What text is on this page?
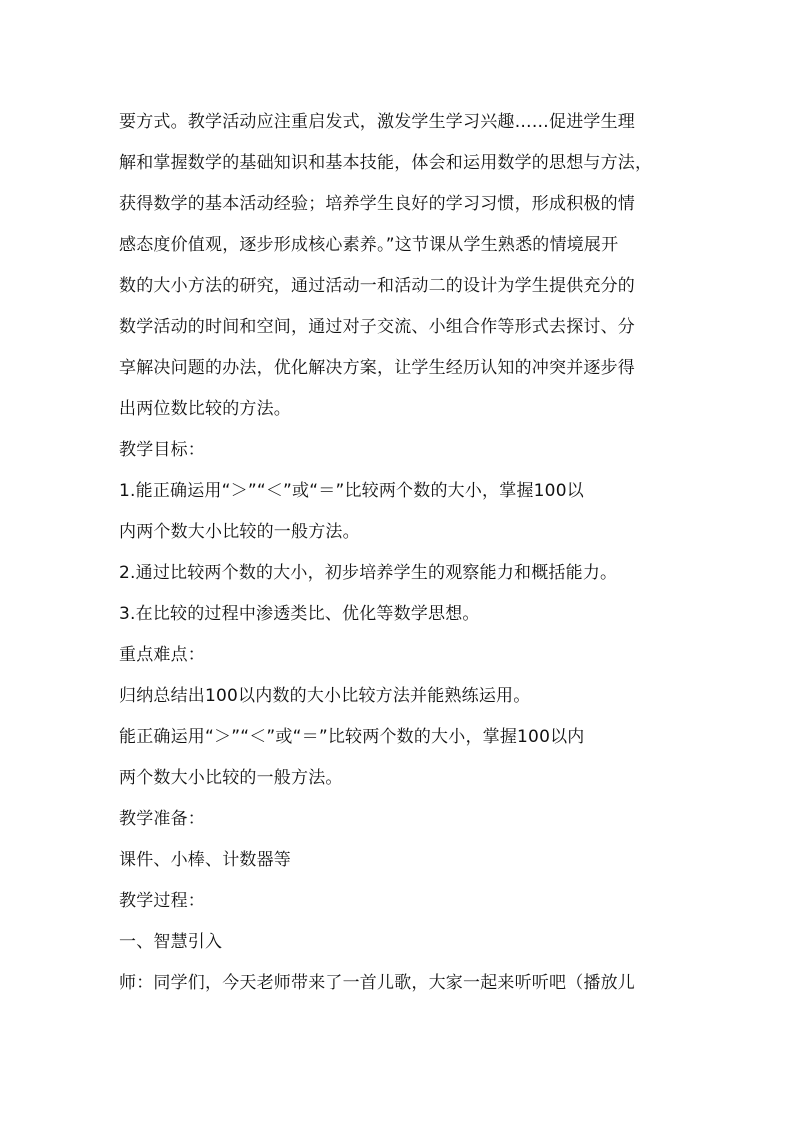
要方式。教学活动应注重启发式，激发学生学习兴趣……促进学生理
解和掌握数学的基础知识和基本技能，体会和运用数学的思想与方法，
获得数学的基本活动经验；培养学生良好的学习习惯，形成积极的情
感态度价值观，逐步形成核心素养。”这节课从学生熟悉的情境展开
数的大小方法的研究，通过活动一和活动二的设计为学生提供充分的
数学活动的时间和空间，通过对子交流、小组合作等形式去探讨、分
享解决问题的办法，优化解决方案，让学生经历认知的冲突并逐步得
出两位数比较的方法。
教学目标：
1.能正确运用“＞”“＜”或“＝”比较两个数的大小，掌握100以
内两个数大小比较的一般方法。
2.通过比较两个数的大小，初步培养学生的观察能力和概括能力。
3.在比较的过程中渗透类比、优化等数学思想。
重点难点：
归纳总结出100以内数的大小比较方法并能熟练运用。
能正确运用“＞”“＜”或“＝”比较两个数的大小，掌握100以内
两个数大小比较的一般方法。
教学准备：
课件、小棒、计数器等
教学过程：
一、智慧引入
师：同学们，今天老师带来了一首儿歌，大家一起来听听吧（播放儿
